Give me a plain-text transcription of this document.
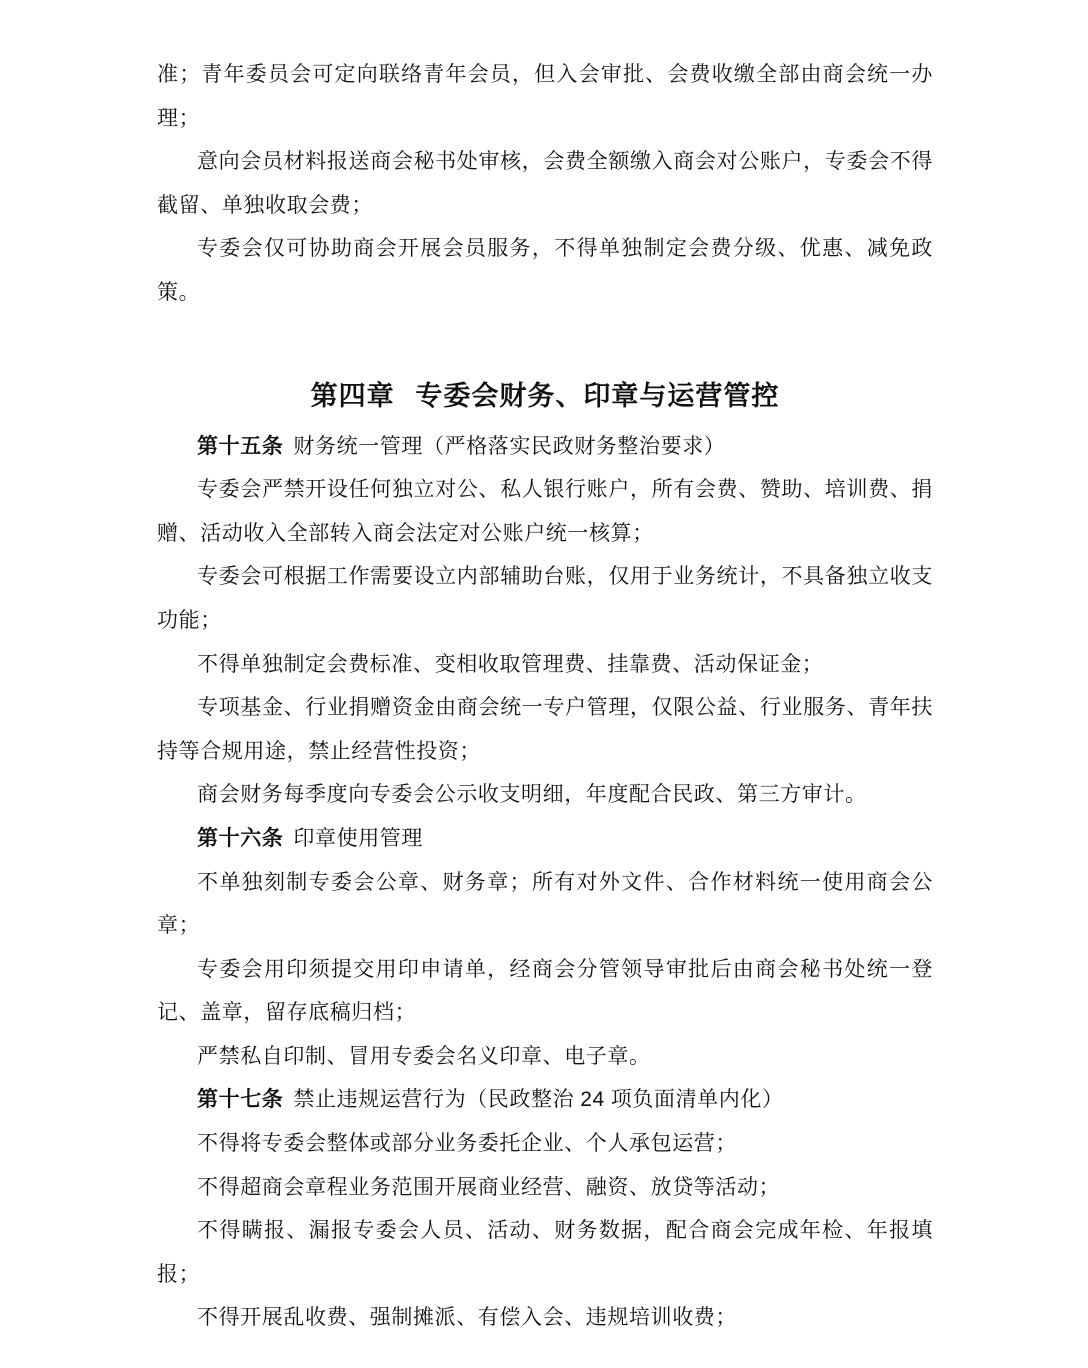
准；青年委员会可定向联络青年会员，但入会审批、会费收缴全部由商会统一办理；

意向会员材料报送商会秘书处审核，会费全额缴入商会对公账户，专委会不得截留、单独收取会费；

专委会仅可协助商会开展会员服务，不得单独制定会费分级、优惠、减免政策。

第四章  专委会财务、印章与运营管控

第十五条 财务统一管理（严格落实民政财务整治要求）

专委会严禁开设任何独立对公、私人银行账户，所有会费、赞助、培训费、捐赠、活动收入全部转入商会法定对公账户统一核算；

专委会可根据工作需要设立内部辅助台账，仅用于业务统计，不具备独立收支功能；

不得单独制定会费标准、变相收取管理费、挂靠费、活动保证金；

专项基金、行业捐赠资金由商会统一专户管理，仅限公益、行业服务、青年扶持等合规用途，禁止经营性投资；

商会财务每季度向专委会公示收支明细，年度配合民政、第三方审计。

第十六条 印章使用管理

不单独刻制专委会公章、财务章；所有对外文件、合作材料统一使用商会公章；

专委会用印须提交用印申请单，经商会分管领导审批后由商会秘书处统一登记、盖章，留存底稿归档；

严禁私自印制、冒用专委会名义印章、电子章。

第十七条 禁止违规运营行为（民政整治 24 项负面清单内化）

不得将专委会整体或部分业务委托企业、个人承包运营；

不得超商会章程业务范围开展商业经营、融资、放贷等活动；

不得瞒报、漏报专委会人员、活动、财务数据，配合商会完成年检、年报填报；

不得开展乱收费、强制摊派、有偿入会、违规培训收费；
